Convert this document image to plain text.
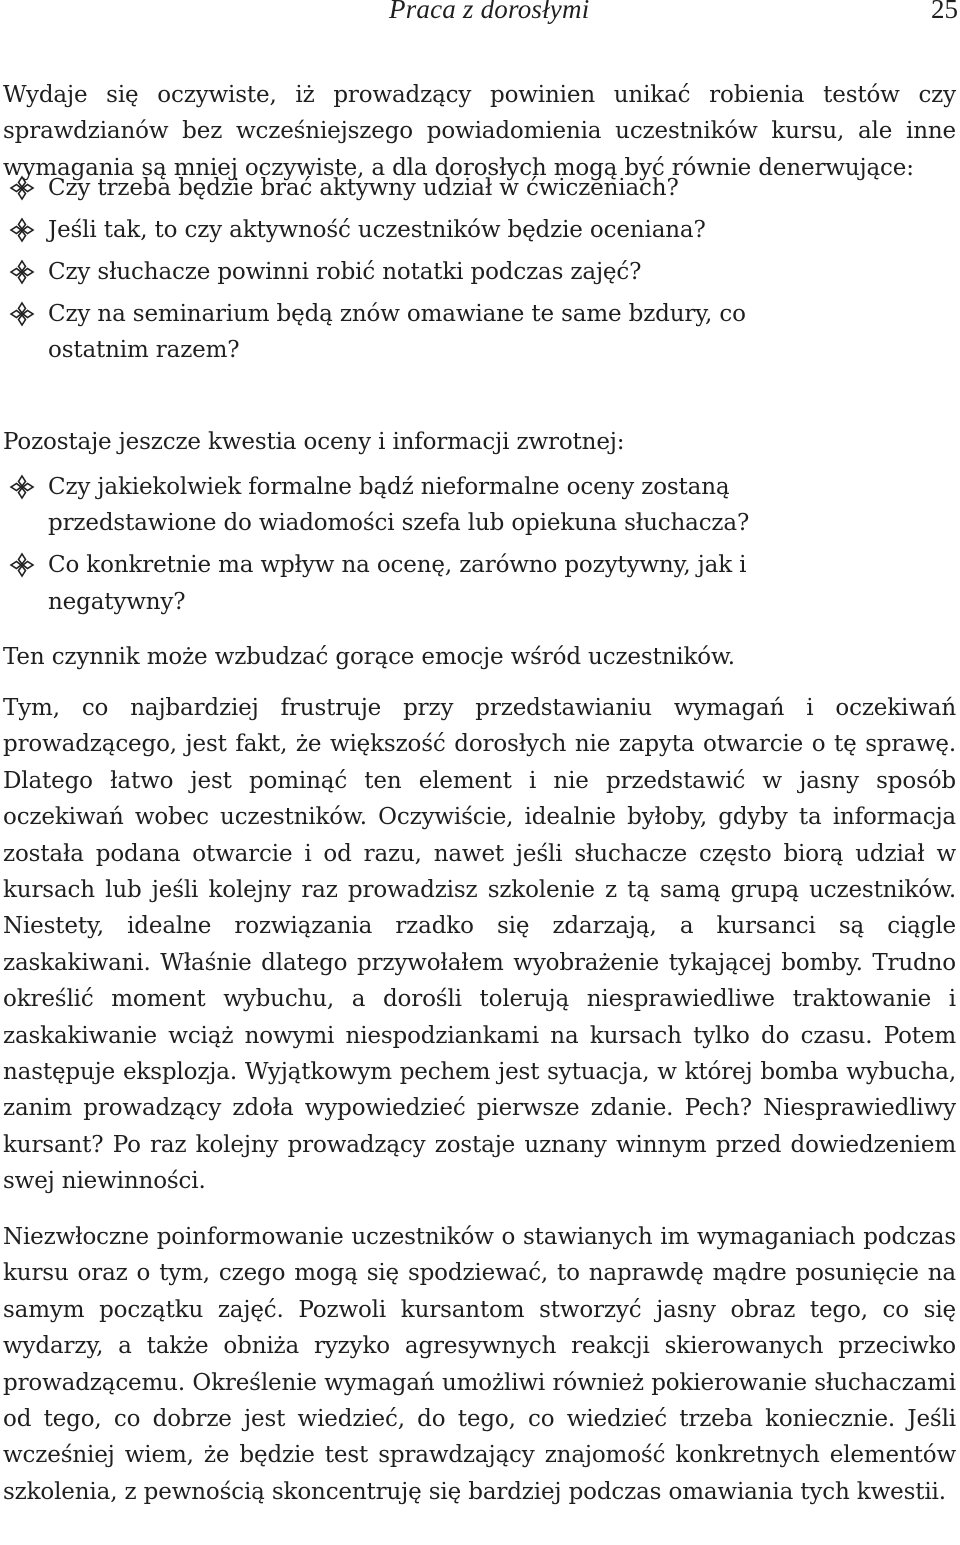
Praca z dorosłymi	25

Wydaje się oczywiste, iż prowadzący powinien unikać robienia testów czy sprawdzianów bez wcześniejszego powiadomienia uczestników kursu, ale inne wymagania są mniej oczywiste, a dla dorosłych mogą być równie denerwujące:

Czy trzeba będzie brać aktywny udział w ćwiczeniach?
Jeśli tak, to czy aktywność uczestników będzie oceniana?
Czy słuchacze powinni robić notatki podczas zajęć?
Czy na seminarium będą znów omawiane te same bzdury, co ostatnim razem?

Pozostaje jeszcze kwestia oceny i informacji zwrotnej:

Czy jakiekolwiek formalne bądź nieformalne oceny zostaną przedstawione do wiadomości szefa lub opiekuna słuchacza?
Co konkretnie ma wpływ na ocenę, zarówno pozytywny, jak i negatywny?

Ten czynnik może wzbudzać gorące emocje wśród uczestników.

Tym, co najbardziej frustruje przy przedstawianiu wymagań i oczekiwań prowadzącego, jest fakt, że większość dorosłych nie zapyta otwarcie o tę sprawę. Dlatego łatwo jest pominąć ten element i nie przedstawić w jasny sposób oczekiwań wobec uczestników. Oczywiście, idealnie byłoby, gdyby ta informacja została podana otwarcie i od razu, nawet jeśli słuchacze często biorą udział w kursach lub jeśli kolejny raz prowadzisz szkolenie z tą samą grupą uczestników. Niestety, idealne rozwiązania rzadko się zdarzają, a kursanci są ciągle zaskakiwani. Właśnie dlatego przywołałem wyobrażenie tykającej bomby. Trudno określić moment wybuchu, a dorośli tolerują niesprawiedliwe traktowanie i zaskakiwanie wciąż nowymi niespodziankami na kursach tylko do czasu. Potem następuje eksplozja. Wyjątkowym pechem jest sytuacja, w której bomba wybucha, zanim prowadzący zdoła wypowiedzieć pierwsze zdanie. Pech? Niesprawiedliwy kursant? Po raz kolejny prowadzący zostaje uznany winnym przed dowiedzeniem swej niewinności.

Niezwłoczne poinformowanie uczestników o stawianych im wymaganiach podczas kursu oraz o tym, czego mogą się spodziewać, to naprawdę mądre posunięcie na samym początku zajęć. Pozwoli kursantom stworzyć jasny obraz tego, co się wydarzy, a także obniża ryzyko agresywnych reakcji skierowanych przeciwko prowadzącemu. Określenie wymagań umożliwi również pokierowanie słuchaczami od tego, co dobrze jest wiedzieć, do tego, co wiedzieć trzeba koniecznie. Jeśli wcześniej wiem, że będzie test sprawdzający znajomość konkretnych elementów szkolenia, z pewnością skoncentruję się bardziej podczas omawiania tych kwestii.
